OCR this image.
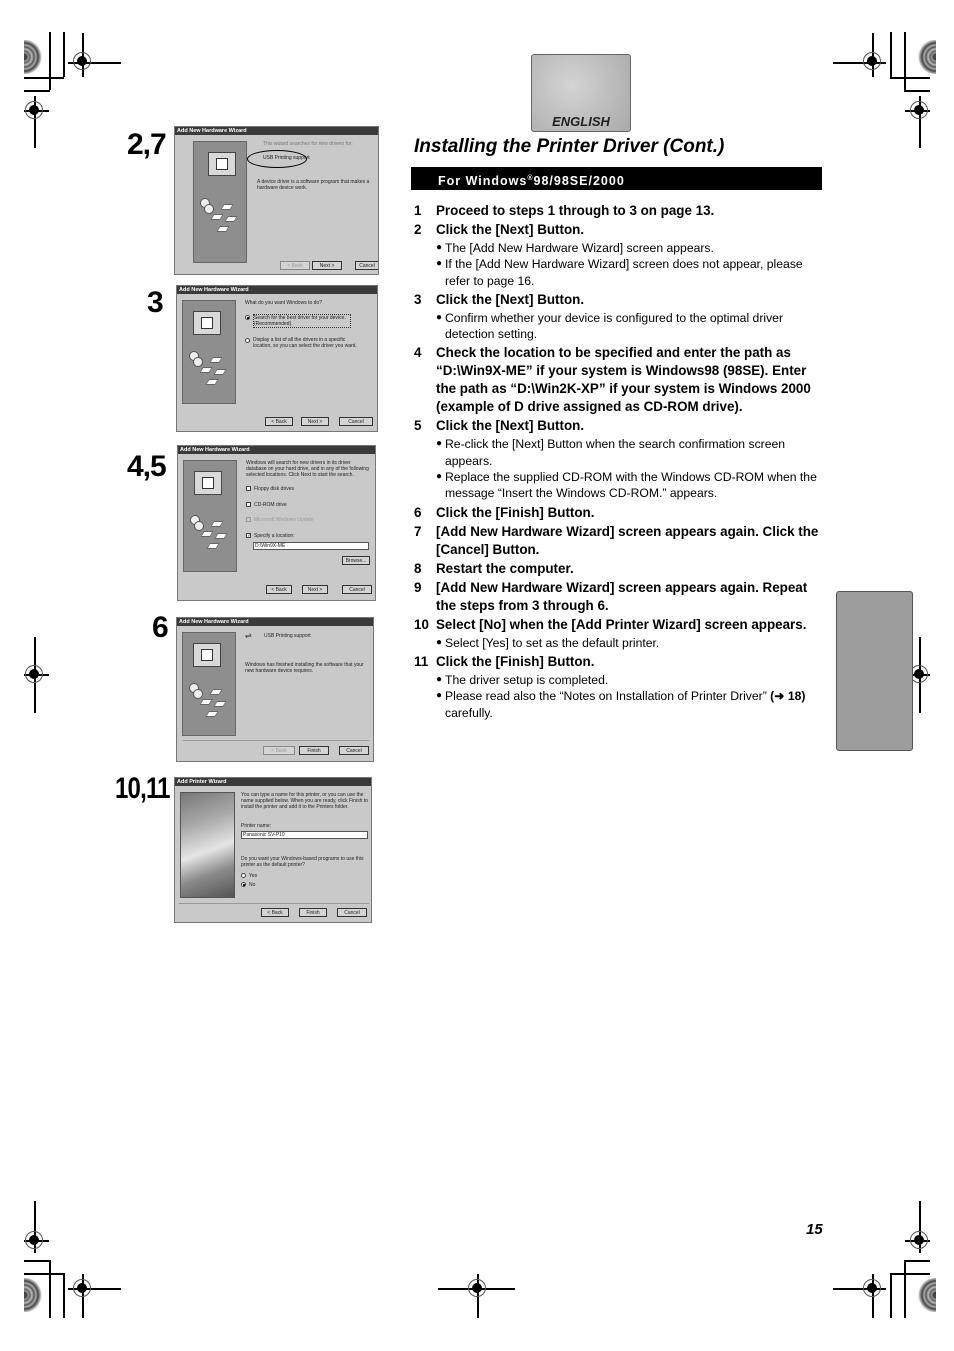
ENGLISH
Installing the Printer Driver (Cont.)
For Windows®98/98SE/2000
2,7
3
4,5
6
10,11
Add New Hardware Wizard
This wizard searches for new drivers for:
USB Printing support
A device driver is a software program that makes a hardware device work.
< Back	Next >	Cancel
Add New Hardware Wizard
What do you want Windows to do?
Search for the best driver for your device. (Recommended).
Display a list of all the drivers in a specific location, so you can select the driver you want.
< Back	Next >	Cancel
Add New Hardware Wizard
Windows will search for new drivers in its driver database on your hard drive, and in any of the following selected locations. Click Next to start the search.
Floppy disk drives
CD-ROM drive
Microsoft Windows Update
✓ Specify a location:
D:\Win9X-ME
Browse...
< Back	Next >	Cancel
Add New Hardware Wizard
⇌ USB Printing support
Windows has finished installing the software that your new hardware device requires.
< Back	Finish	Cancel
Add Printer Wizard
You can type a name for this printer, or you can use the name supplied below. When you are ready, click Finish to install the printer and add it to the Printers folder.
Printer name:
Panasonic SV-P10
Do you want your Windows-based programs to use this printer as the default printer?
Yes
No
< Back	Finish	Cancel
1 Proceed to steps 1 through to 3 on page 13.
2 Click the [Next] Button.
● The [Add New Hardware Wizard] screen appears.
● If the [Add New Hardware Wizard] screen does not appear, please refer to page 16.
3 Click the [Next] Button.
● Confirm whether your device is configured to the optimal driver detection setting.
4 Check the location to be specified and enter the path as “D:\Win9X-ME” if your system is Windows98 (98SE). Enter the path as “D:\Win2K-XP” if your system is Windows 2000 (example of D drive assigned as CD-ROM drive).
5 Click the [Next] Button.
● Re-click the [Next] Button when the search confirmation screen appears.
● Replace the supplied CD-ROM with the Windows CD-ROM when the message “Insert the Windows CD-ROM.” appears.
6 Click the [Finish] Button.
7 [Add New Hardware Wizard] screen appears again. Click the [Cancel] Button.
8 Restart the computer.
9 [Add New Hardware Wizard] screen appears again. Repeat the steps from 3 through 6.
10 Select [No] when the [Add Printer Wizard] screen appears.
● Select [Yes] to set as the default printer.
11 Click the [Finish] Button.
● The driver setup is completed.
● Please read also the “Notes on Installation of Printer Driver” (➜ 18) carefully.
15
